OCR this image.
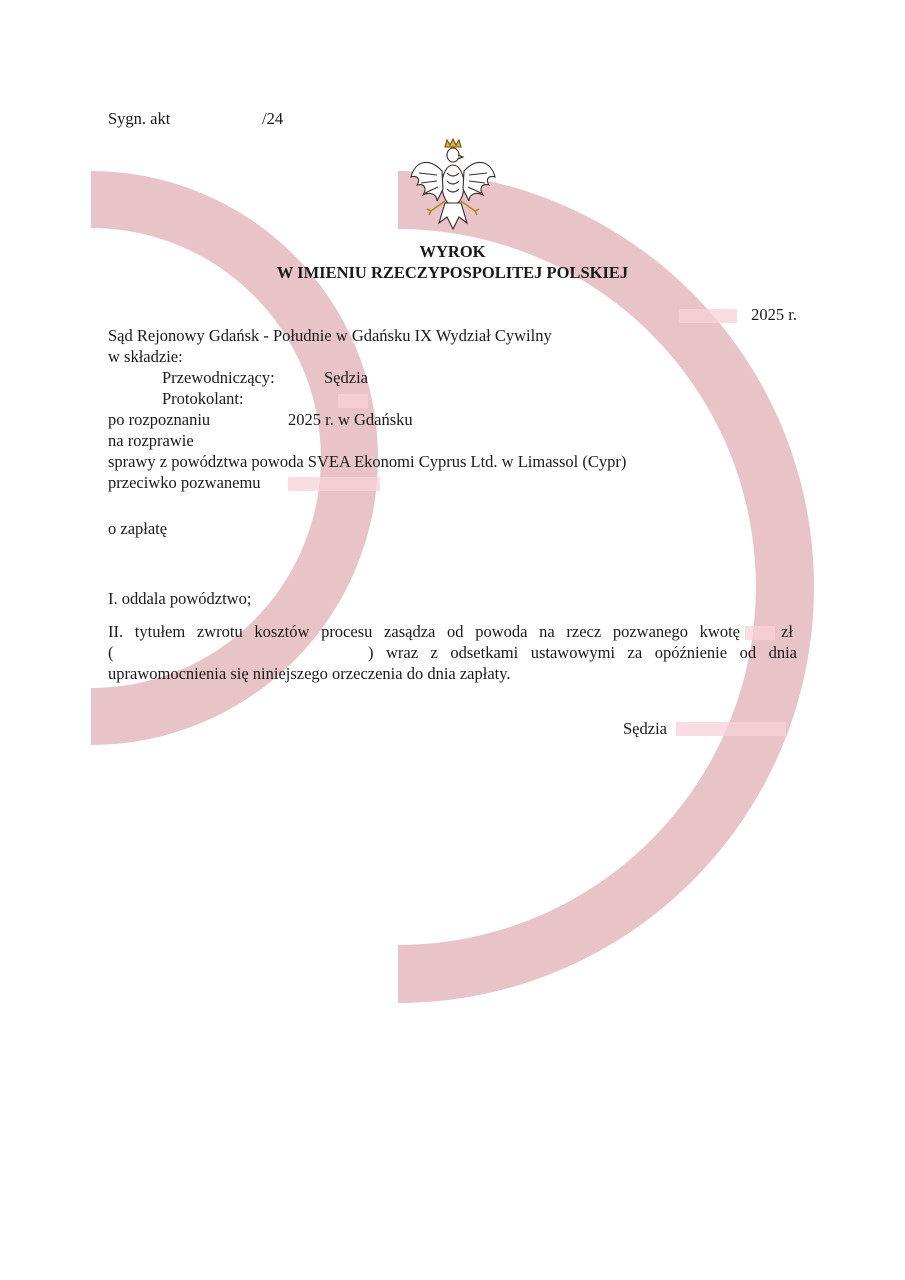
Sygn. akt	/24
WYROK
W IMIENIU RZECZYPOSPOLITEJ POLSKIEJ
2025 r.
Sąd Rejonowy Gdańsk - Południe w Gdańsku IX Wydział Cywilny
w składzie:
Przewodniczący:	Sędzia
Protokolant:
po rozpoznaniu	2025 r. w Gdańsku
na rozprawie
sprawy z powództwa powoda SVEA Ekonomi Cyprus Ltd. w Limassol (Cypr)
przeciwko pozwanemu
o zapłatę
I. oddala powództwo;
II. tytułem zwrotu kosztów procesu zasądza od powoda na rzecz pozwanego kwotę zł
(	) wraz z odsetkami ustawowymi za opóźnienie od dnia
uprawomocnienia się niniejszego orzeczenia do dnia zapłaty.
Sędzia
